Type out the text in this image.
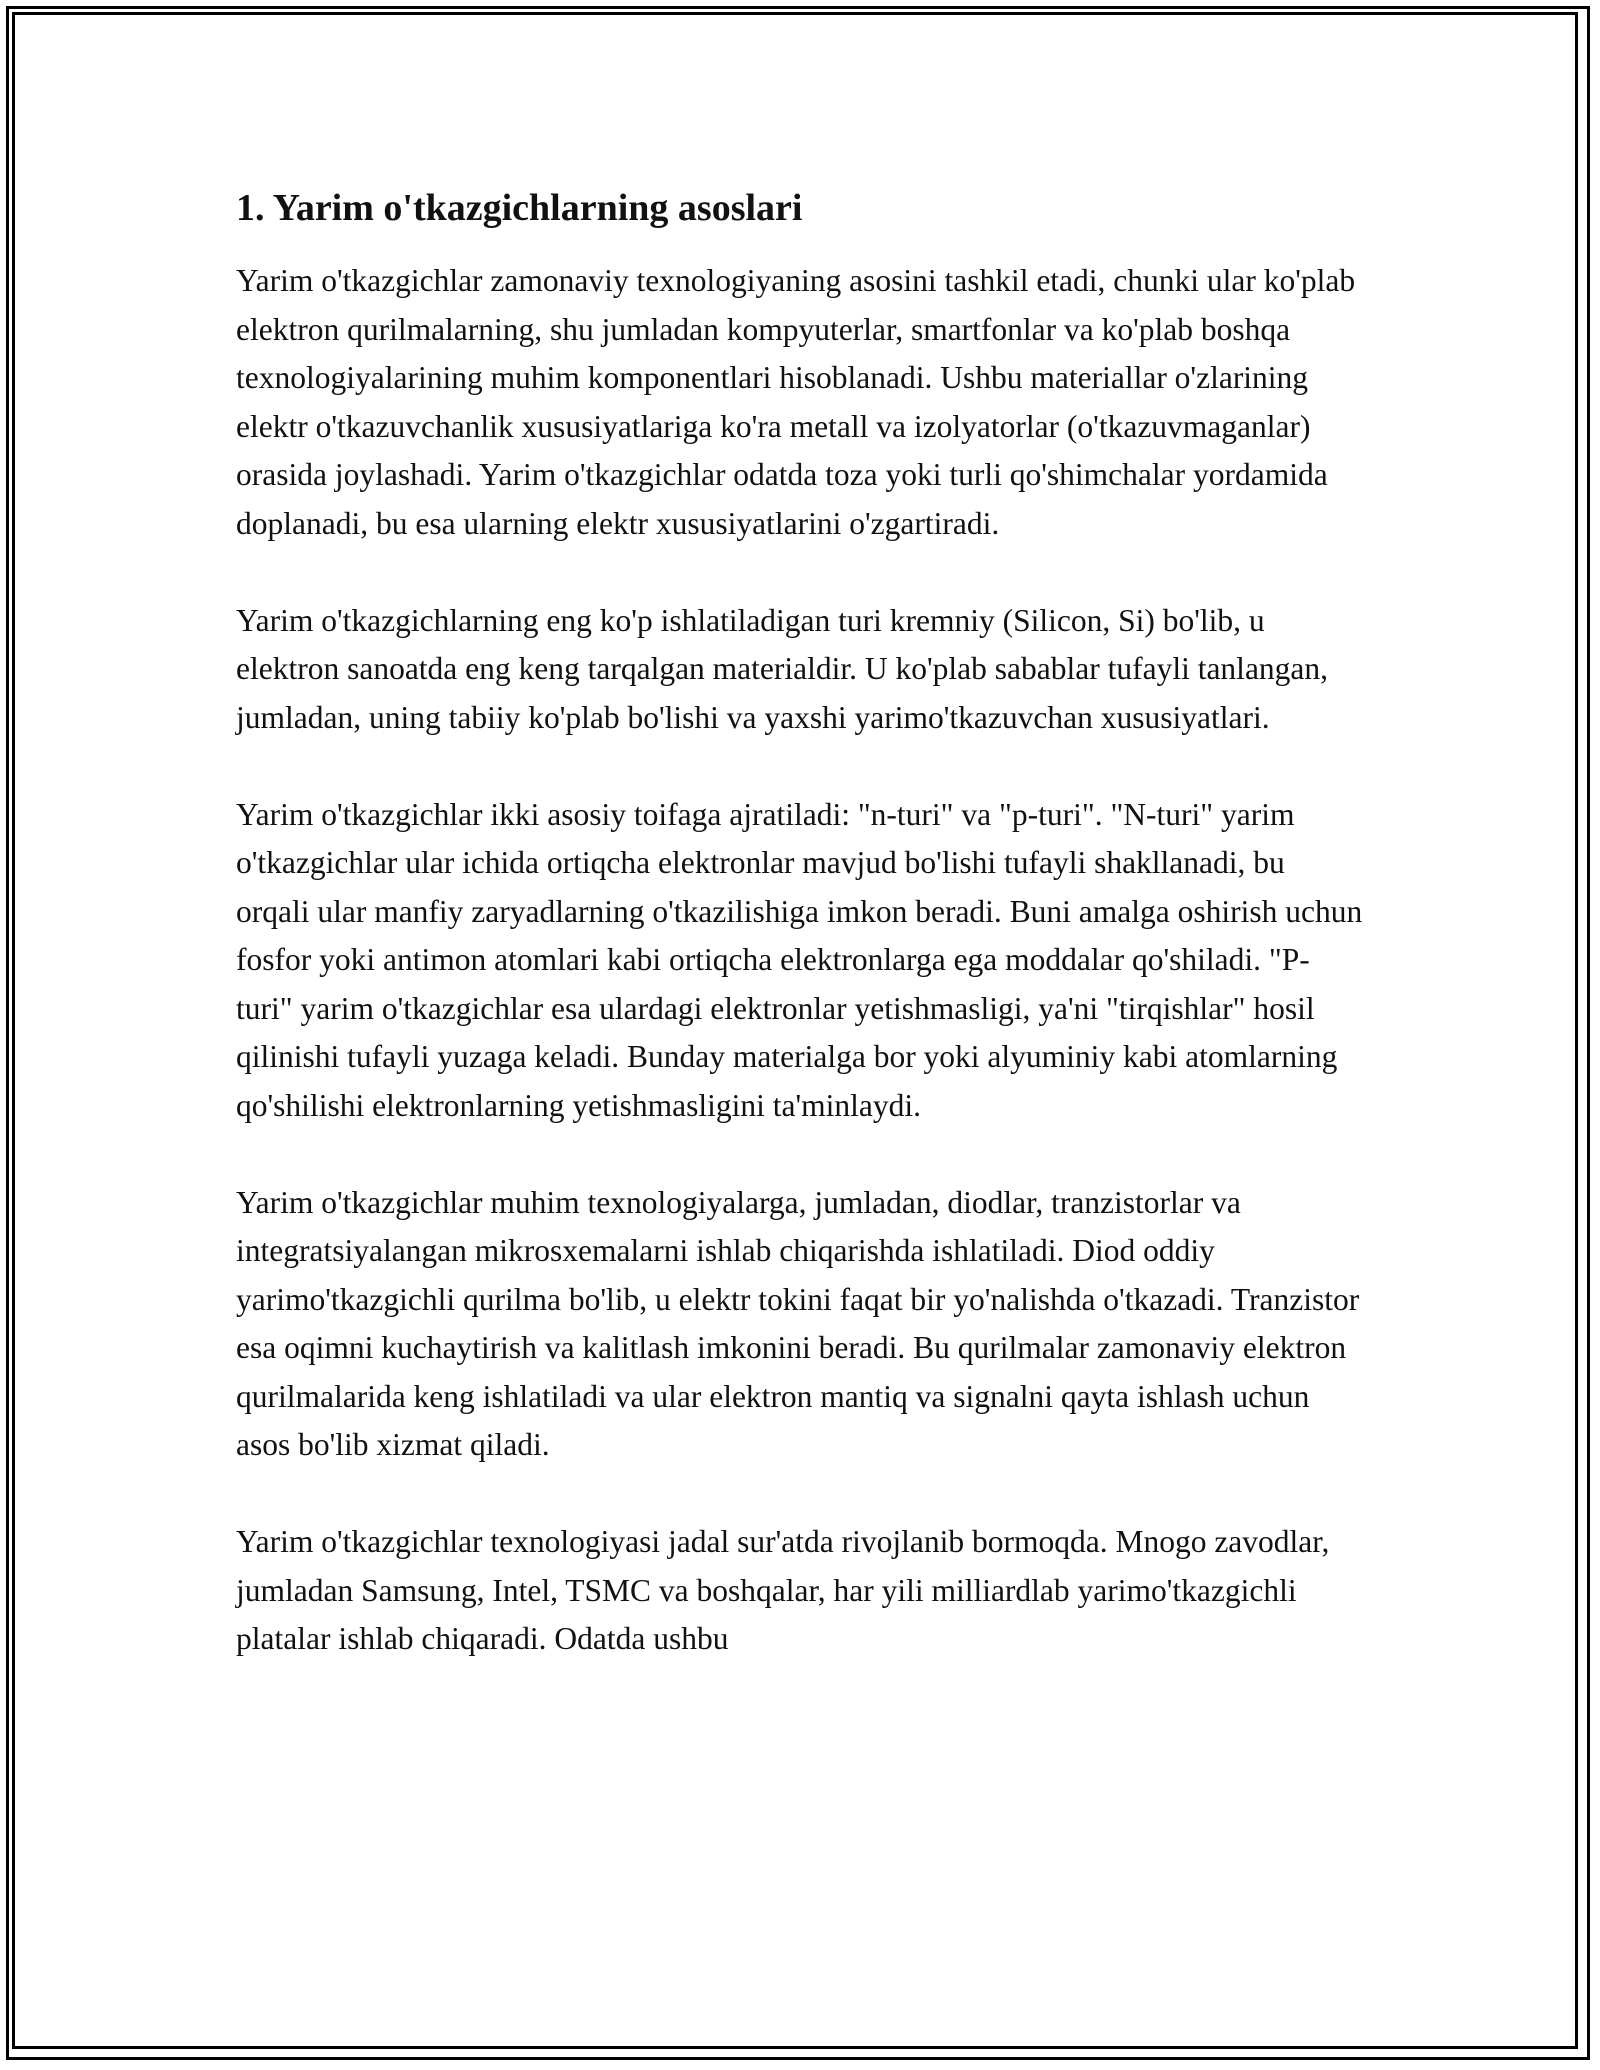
1. Yarim o'tkazgichlarning asoslari

Yarim o'tkazgichlar zamonaviy texnologiyaning asosini tashkil etadi, chunki ular ko'plab elektron qurilmalarning, shu jumladan kompyuterlar, smartfonlar va ko'plab boshqa texnologiyalarining muhim komponentlari hisoblanadi. Ushbu materiallar o'zlarining elektr o'tkazuvchanlik xususiyatlariga ko'ra metall va izolyatorlar (o'tkazuvmaganlar) orasida joylashadi. Yarim o'tkazgichlar odatda toza yoki turli qo'shimchalar yordamida doplanadi, bu esa ularning elektr xususiyatlarini o'zgartiradi.

Yarim o'tkazgichlarning eng ko'p ishlatiladigan turi kremniy (Silicon, Si) bo'lib, u elektron sanoatda eng keng tarqalgan materialdir. U ko'plab sabablar tufayli tanlangan, jumladan, uning tabiiy ko'plab bo'lishi va yaxshi yarimo'tkazuvchan xususiyatlari.

Yarim o'tkazgichlar ikki asosiy toifaga ajratiladi: "n-turi" va "p-turi". "N-turi" yarim o'tkazgichlar ular ichida ortiqcha elektronlar mavjud bo'lishi tufayli shakllanadi, bu orqali ular manfiy zaryadlarning o'tkazilishiga imkon beradi. Buni amalga oshirish uchun fosfor yoki antimon atomlari kabi ortiqcha elektronlarga ega moddalar qo'shiladi. "P-turi" yarim o'tkazgichlar esa ulardagi elektronlar yetishmasligi, ya'ni "tirqishlar" hosil qilinishi tufayli yuzaga keladi. Bunday materialga bor yoki alyuminiy kabi atomlarning qo'shilishi elektronlarning yetishmasligini ta'minlaydi.

Yarim o'tkazgichlar muhim texnologiyalarga, jumladan, diodlar, tranzistorlar va integratsiyalangan mikrosxemalarni ishlab chiqarishda ishlatiladi. Diod oddiy yarimo'tkazgichli qurilma bo'lib, u elektr tokini faqat bir yo'nalishda o'tkazadi. Tranzistor esa oqimni kuchaytirish va kalitlash imkonini beradi. Bu qurilmalar zamonaviy elektron qurilmalarida keng ishlatiladi va ular elektron mantiq va signalni qayta ishlash uchun asos bo'lib xizmat qiladi.

Yarim o'tkazgichlar texnologiyasi jadal sur'atda rivojlanib bormoqda. Mnogo zavodlar, jumladan Samsung, Intel, TSMC va boshqalar, har yili milliardlab yarimo'tkazgichli platalar ishlab chiqaradi. Odatda ushbu
